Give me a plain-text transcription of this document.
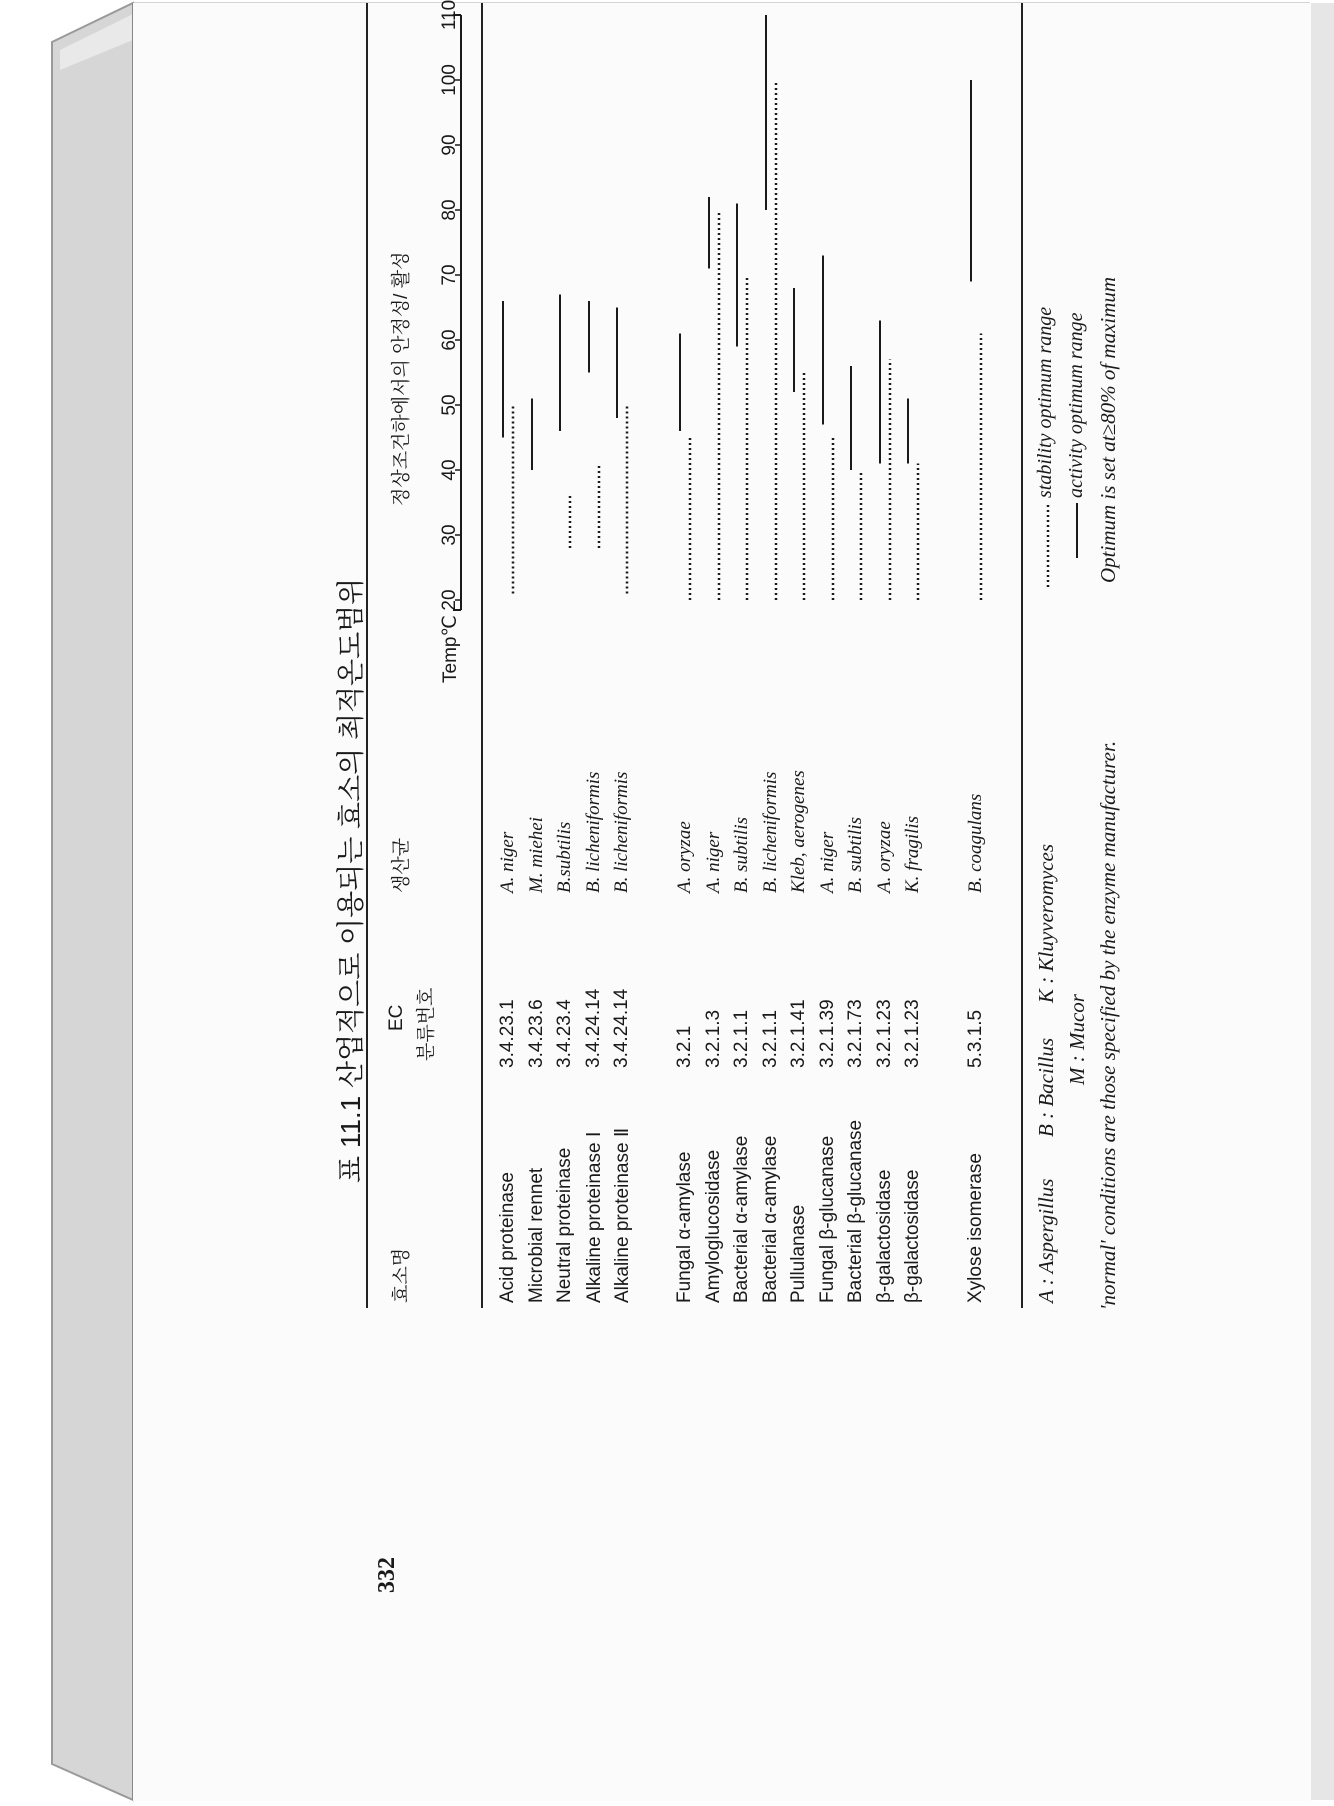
332
표 11.1 산업적으로 이용되는 효소의 최적온도범위
효소명
EC 분류번호
생산균
정상조건하에서의 안정성/ 활성
Temp℃
Acid proteinase
3.4.23.1
A. niger
Microbial rennet
3.4.23.6
M. miehei
Neutral proteinase
3.4.23.4
B.subtilis
Alkaline proteinase Ⅰ
3.4.24.14
B. licheniformis
Alkaline proteinase Ⅱ
3.4.24.14
B. licheniformis
Fungal α-amylase
3.2.1
A. oryzae
Amyloglucosidase
3.2.1.3
A. niger
Bacterial α-amylase
3.2.1.1
B. subtilis
Bacterial α-amylase
3.2.1.1
B. licheniformis
Pullulanase
3.2.1.41
Kleb, aerogenes
Fungal β-glucanase
3.2.1.39
A. niger
Bacterial β-glucanase
3.2.1.73
B. subtilis
β-galactosidase
3.2.1.23
A. oryzae
β-galactosidase
3.2.1.23
K. fragilis
Xylose isomerase
5.3.1.5
B. coagulans
A : Aspergillus
B : Bacillus
K : Kluyveromyces
M : Mucor 'normal' conditions are those specified by the enzyme manufacturer.
Optimum is set at≥80% of maximum
stability optimum range activity optimum range
20
30
40
50
60
70
80
90
100
110
